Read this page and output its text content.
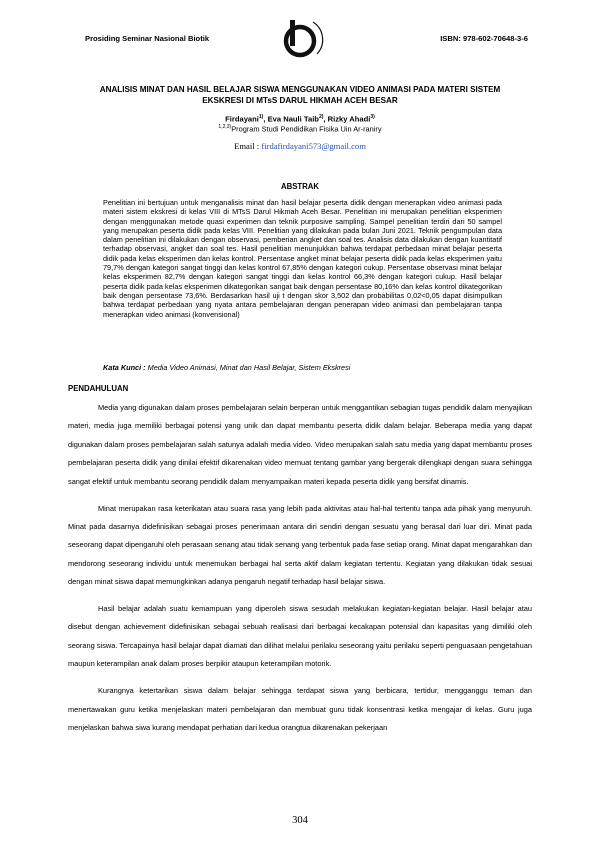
Prosiding Seminar Nasional Biotik	ISBN: 978-602-70648-3-6
ANALISIS MINAT DAN HASIL BELAJAR SISWA MENGGUNAKAN VIDEO ANIMASI PADA MATERI SISTEM EKSKRESI DI MTsS DARUL HIKMAH ACEH BESAR
Firdayani$^{1)}$, Eva Nauli Taib$^{2)}$, Rizky Ahadi$^{3)}$
$^{1,2,3)}$Program Studi Pendidikan Fisika Uin Ar-raniry
Email : firdafirdayani573@gmail.com
ABSTRAK
Penelitian ini bertujuan untuk menganalisis minat dan hasil belajar peserta didik dengan menerapkan video animasi pada materi sistem ekskresi di kelas VIII di MTsS Darul Hikmah Aceh Besar. Penelitian ini merupakan penelitian eksperimen dengan menggunakan metode quasi experimen dan teknik purposive sampling. Sampel penelitian terdiri dari 50 sampel yang merupakan peserta didik pada kelas VIII. Penelitian yang dilakukan pada bulan Juni 2021. Teknik pengumpulan data dalam penelitian ini dilakukan dengan observasi, pemberian angket dan soal tes. Analisis data dilakukan dengan kuantitatif terhadap observasi, angket dan soal tes. Hasil penelitian menunjukkan bahwa terdapat perbedaan minat belajar peserta didik pada kelas eksperimen dan kelas kontrol. Persentase angket minat belajar peserta didik pada kelas eksperimen yaitu 79,7% dengan kategori sangat tinggi dan kelas kontrol 67,85% dengan kategori cukup. Persentase observasi minat belajar kelas eksperimen 82,7% dengan kategori sangat tinggi dan kelas kontrol 66,3% dengan kategori cukup. Hasil belajar peserta didik pada kelas eksperimen dikategorikan sangat baik dengan persentase 80,16% dan kelas kontrol dikategorikan baik dengan persentase 73,6%. Berdasarkan hasil uji t dengan skor 3,502 dan probabilitas 0,02<0,05 dapat disimpulkan bahwa terdapat perbedaan yang nyata antara pembelajaran dengan penerapan video animasi dan pembelajaran tanpa menerapkan video animasi (konvensional)
Kata Kunci : Media Video Animasi, Minat dan Hasil Belajar, Sistem Ekskresi
PENDAHULUAN

Media yang digunakan dalam proses pembelajaran selain berperan untuk menggantikan sebagian tugas pendidik dalam menyajikan materi, media juga memiliki berbagai potensi yang unik dan dapat membantu peserta didik dalam belajar. Beberapa media yang dapat digunakan dalam proses pembelajaran salah satunya adalah media video. Video merupakan salah satu media yang dapat membantu proses pembelajaran peserta didik yang dinilai efektif dikarenakan video memuat tentang gambar yang bergerak dilengkapi dengan suara sehingga sangat efektif untuk membantu seorang pendidik dalam menyampaikan materi kepada peserta didik yang bersifat dinamis.

Minat merupakan rasa keterikatan atau suara rasa yang lebih pada aktivitas atau hal-hal tertentu tanpa ada pihak yang menyuruh. Minat pada dasarnya didefinisikan sebagai proses penerimaan antara diri sendiri dengan sesuatu yang berasal dari luar diri. Minat pada seseorang dapat dipengaruhi oleh perasaan senang atau tidak senang yang terbentuk pada fase setiap orang. Minat dapat mengarahkan dan mendorong seseorang individu untuk menemukan berbagai hal serta aktif dalam kegiatan tertentu. Kegiatan yang dilakukan tidak sesuai dengan minat siswa dapat memungkinkan adanya pengaruh negatif terhadap hasil belajar siswa.

Hasil belajar adalah suatu kemampuan yang diperoleh siswa sesudah melakukan kegiatan-kegiatan belajar. Hasil belajar atau disebut dengan achievement didefinisikan sebagai sebuah realisasi dari berbagai kecakapan potensial dan kapasitas yang dimiliki oleh seorang siswa. Tercapainya hasil belajar dapat diamati dan dilihat melalui perilaku seseorang yaitu perilaku seperti penguasaan pengetahuan maupun keterampilan anak dalam proses berpikir ataupun keterampilan motorik.

Kurangnya ketertarikan siswa dalam belajar sehingga terdapat siswa yang berbicara, tertidur, mengganggu teman dan menertawakan guru ketika menjelaskan materi pembelajaran dan membuat guru tidak konsentrasi ketika mengajar di kelas. Guru juga menjelaskan bahwa siwa kurang mendapat perhatian dari kedua orangtua dikarenakan pekerjaan

304
